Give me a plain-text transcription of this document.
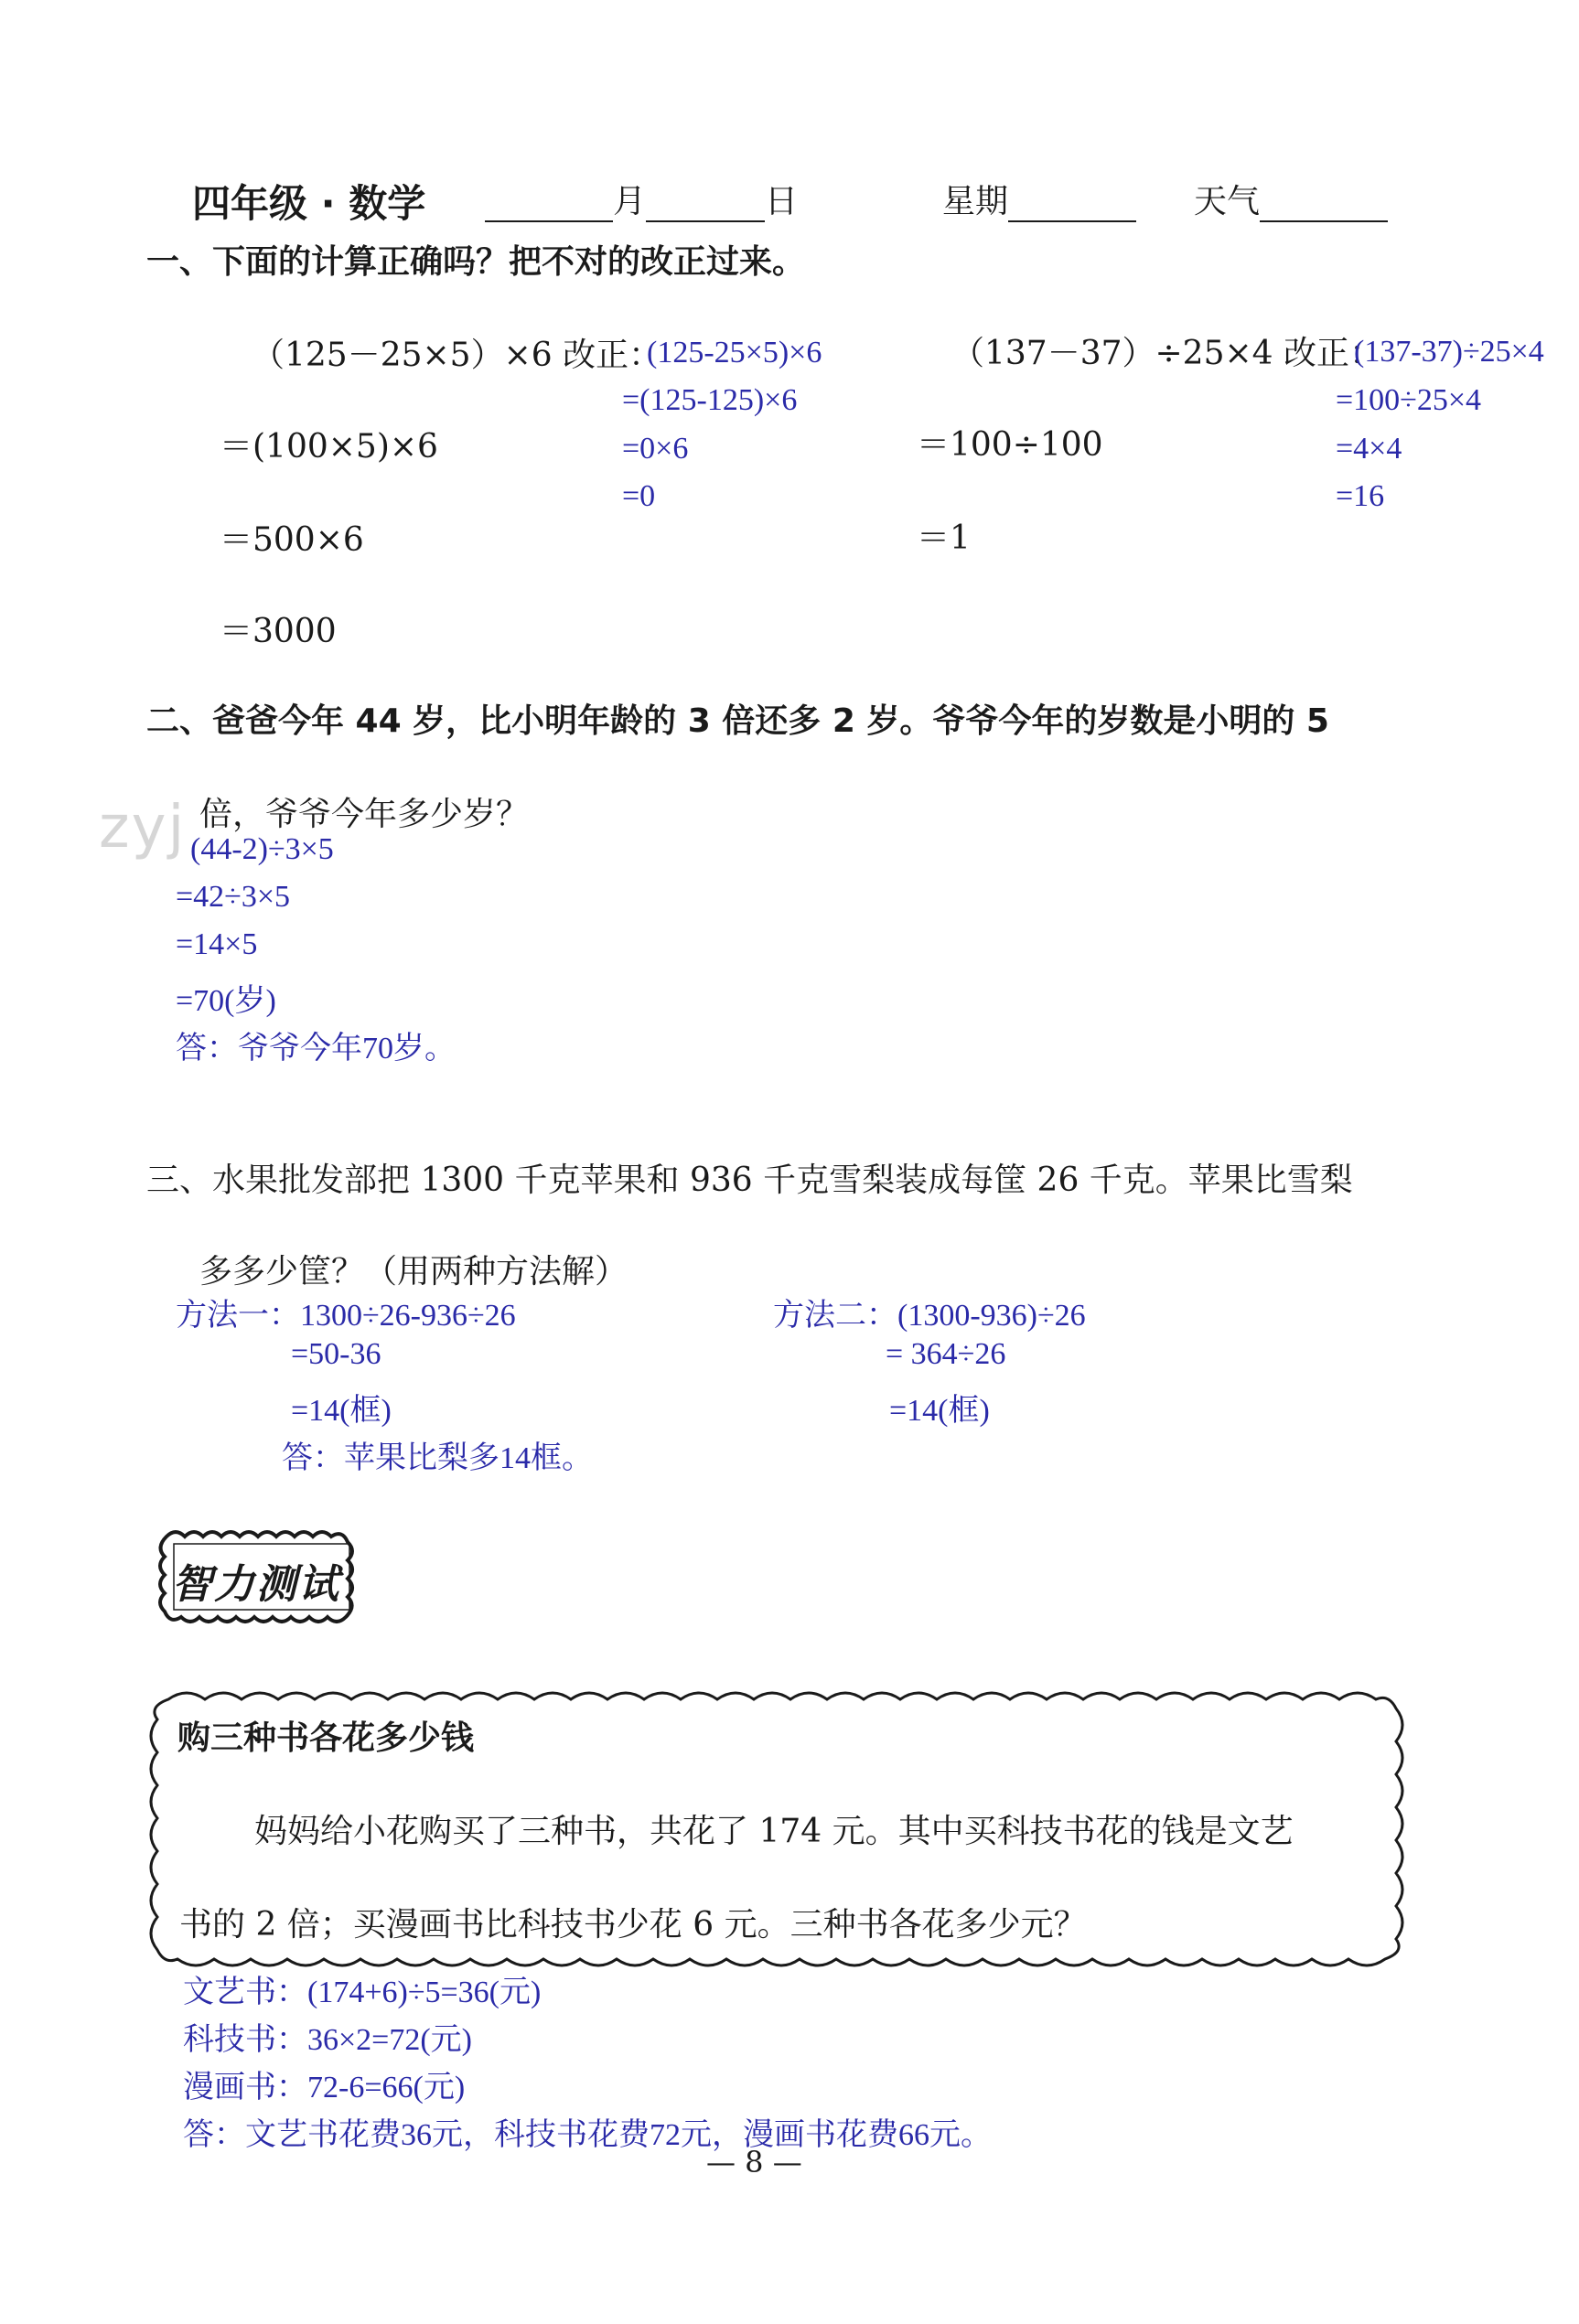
四年级 · 数学	月	日	星期	天气
一、下面的计算正确吗？把不对的改正过来。
（125－25×5）×6 改正：
＝(100×5)×6
＝500×6
＝3000
(125-25×5)×6
=(125-125)×6
=0×6
=0
（137－37）÷25×4 改正：
＝100÷100
＝1
(137-37)÷25×4
=100÷25×4
=4×4
=16
二、爸爸今年 44 岁，比小明年龄的 3 倍还多 2 岁。爷爷今年的岁数是小明的 5
倍，爷爷今年多少岁？
zyj (44-2)÷3×5
=42÷3×5
=14×5
=70(岁)
答：爷爷今年70岁。
三、水果批发部把 1300 千克苹果和 936 千克雪梨装成每筐 26 千克。苹果比雪梨
多多少筐？（用两种方法解）
方法一：1300÷26-936÷26
=50-36
=14(框)
答：苹果比梨多14框。
方法二：(1300-936)÷26
= 364÷26
=14(框)
智力测试
购三种书各花多少钱
妈妈给小花购买了三种书，共花了 174 元。其中买科技书花的钱是文艺
书的 2 倍；买漫画书比科技书少花 6 元。三种书各花多少元？
文艺书：(174+6)÷5=36(元)
科技书：36×2=72(元)
漫画书：72-6=66(元)
答：文艺书花费36元，科技书花费72元，漫画书花费66元。
— 8 —
